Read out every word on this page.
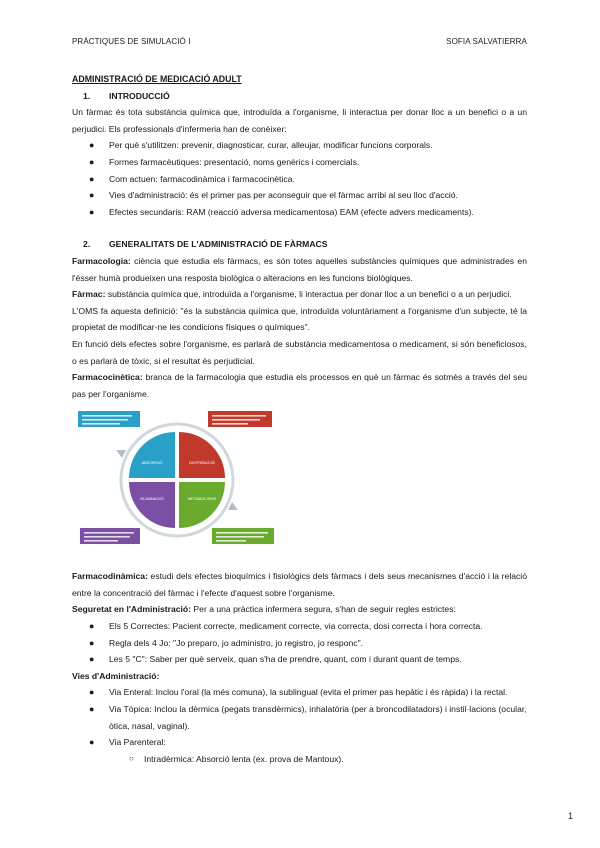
PRÀCTIQUES DE SIMULACIÓ I	SOFIA SALVATIERRA

ADMINISTRACIÓ DE MEDICACIÓ ADULT

1. INTRODUCCIÓ

Un fàrmac és tota substància química que, introduïda a l'organisme, li interactua per donar lloc a un benefici o a un perjudici. Els professionals d'infermeria han de conèixer:

● Per què s'utilitzen: prevenir, diagnosticar, curar, alleujar, modificar funcions corporals.
● Formes farmacèutiques: presentació, noms genèrics i comercials.
● Com actuen: farmacodinàmica i farmacocinètica.
● Vies d'administració: és el primer pas per aconseguir que el fàrmac arribi al seu lloc d'acció.
● Efectes secundaris: RAM (reacció adversa medicamentosa) EAM (efecte advers medicaments).

2. GENERALITATS DE L'ADMINISTRACIÓ DE FÀRMACS

Farmacologia: ciència que estudia els fàrmacs, es són totes aquelles substàncies químiques que administrades en l'ésser humà produeixen una resposta biològica o alteracions en les funcions biològiques.

Fàrmac: substància química que, introduïda a l'organisme, li interactua per donar lloc a un benefici o a un perjudici.

L'OMS fa aquesta definició: "és la substància química que, introduïda voluntàriament a l'organisme d'un subjecte, té la propietat de modificar-ne les condicions físiques o químiques".

En funció dels efectes sobre l'organisme, es parlarà de substància medicamentosa o medicament, si són beneficiosos, o es parlarà de tòxic, si el resultat és perjudicial.

Farmacocinètica: branca de la farmacologia que estudia els processos en què un fàrmac és sotmès a través del seu pas per l'organisme.

ABSORCIÓ	DISTRIBUCIÓ
METABOLISME
ELIMINACIÓ

Farmacodinàmica: estudi dels efectes bioquímics i fisiològics dels fàrmacs i dels seus mecanismes d'acció i la relació entre la concentració del fàrmac i l'efecte d'aquest sobre l'organisme.

Seguretat en l'Administració: Per a una pràctica infermera segura, s'han de seguir regles estrictes:

● Els 5 Correctes: Pacient correcte, medicament correcte, via correcta, dosi correcta i hora correcta.
● Regla dels 4 Jo: "Jo preparo, jo administro, jo registro, jo responc".
● Les 5 "C": Saber per què serveix, quan s'ha de prendre, quant, com i durant quant de temps.

Vies d'Administració:

● Via Enteral: Inclou l'oral (la més comuna), la sublingual (evita el primer pas hepàtic i és ràpida) i la rectal.
● Via Tòpica: Inclou la dèrmica (pegats transdèrmics), inhalatòria (per a broncodilatadors) i instil·lacions (ocular, òtica, nasal, vaginal).
● Via Parenteral:
○ Intradèrmica: Absorció lenta (ex. prova de Mantoux).
1
